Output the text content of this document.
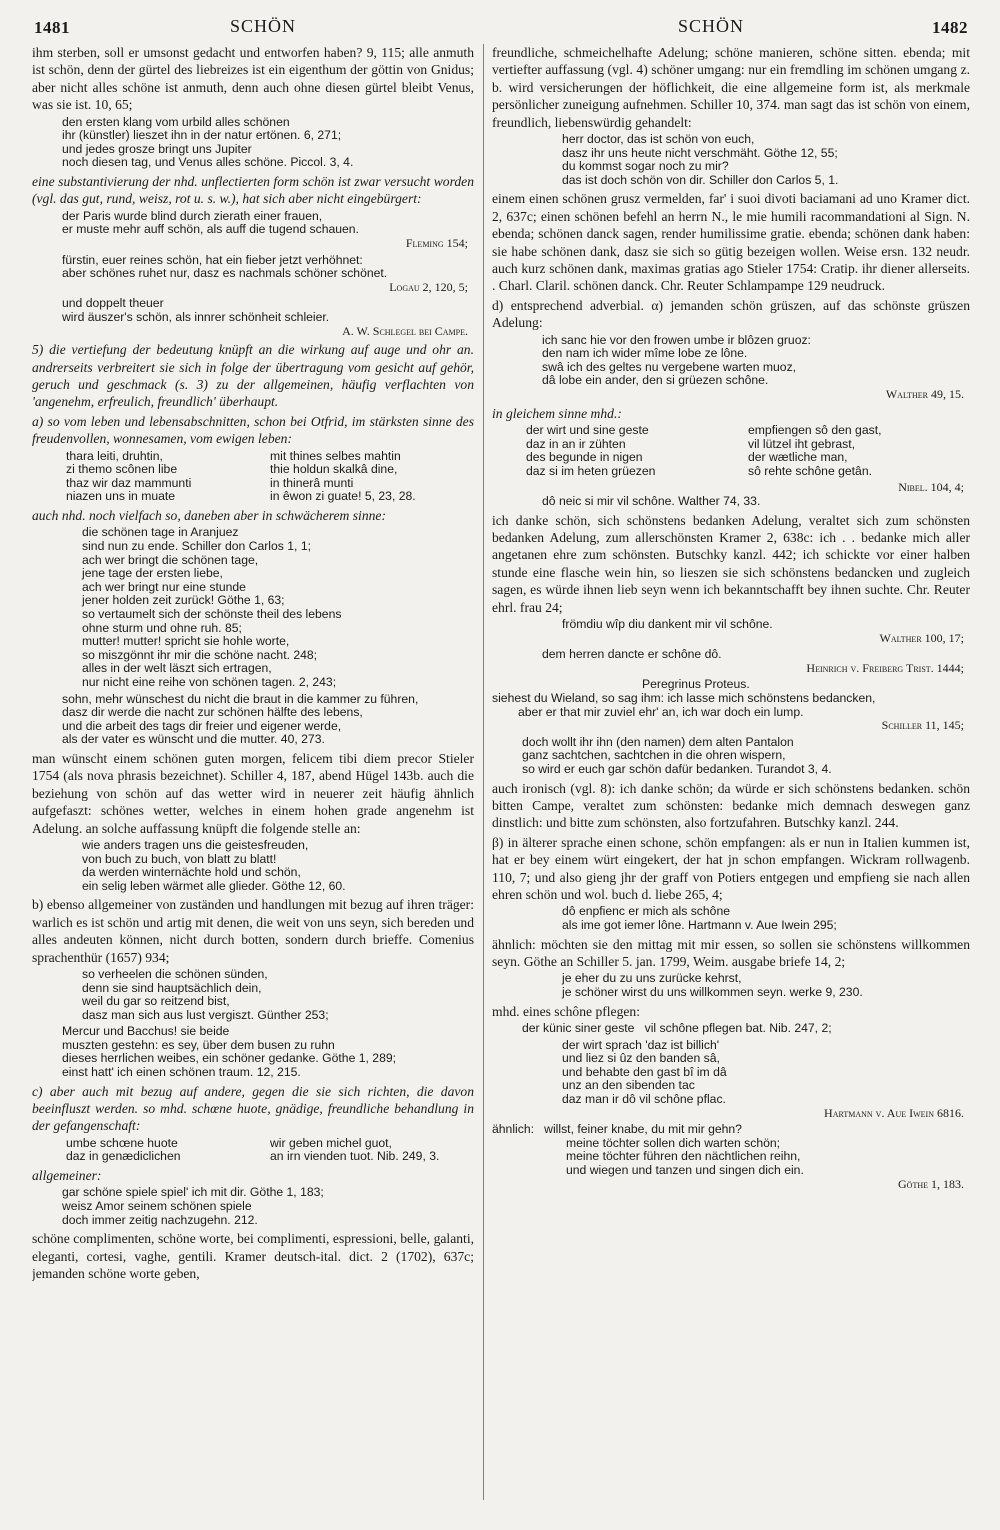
1481	SCHÖN	SCHÖN	1482

ihm sterben, soll er umsonst gedacht und entworfen haben? 9, 115; alle anmuth ist schön, denn der gürtel des liebreizes ist ein eigenthum der göttin von Gnidus; aber nicht alles schöne ist anmuth, denn auch ohne diesen gürtel bleibt Venus, was sie ist. 10, 65;

den ersten klang vom urbild alles schönen
ihr (künstler) lieszet ihn in der natur ertönen. 6, 271;
und jedes grosze bringt uns Jupiter
noch diesen tag, und Venus alles schöne. Piccol. 3, 4.

eine substantivierung der nhd. unflectierten form schön ist zwar versucht worden (vgl. das gut, rund, weisz, rot u. s. w.), hat sich aber nicht eingebürgert:

der Paris wurde blind durch zierath einer frauen,
er muste mehr auff schön, als auff die tugend schauen.
Fleming 154;
fürstin, euer reines schön, hat ein fieber jetzt verhöhnet:
aber schönes ruhet nur, dasz es nachmals schöner schönet.
Logau 2, 120, 5;
und doppelt theuer
wird äuszer's schön, als innrer schönheit schleier.
A. W. Schlegel bei Campe.

5) die vertiefung der bedeutung knüpft an die wirkung auf auge und ohr an. andrerseits verbreitert sie sich in folge der übertragung vom gesicht auf gehör, geruch und geschmack (s. 3) zu der allgemeinen, häufig verflachten von 'angenehm, erfreulich, freundlich' überhaupt.

a) so vom leben und lebensabschnitten, schon bei Otfrid, im stärksten sinne des freudenvollen, wonnesamen, vom ewigen leben:

thara leiti, druhtin,	mit thines selbes mahtin
zi themo scônen libe	thie holdun skalkâ dine,
thaz wir daz mammunti	in thinerâ munti
niazen uns in muate	in êwon zi guate! 5, 23, 28.

auch nhd. noch vielfach so, daneben aber in schwächerem sinne:

die schönen tage in Aranjuez
sind nun zu ende. Schiller don Carlos 1, 1;
ach wer bringt die schönen tage,
jene tage der ersten liebe,
ach wer bringt nur eine stunde
jener holden zeit zurück! Göthe 1, 63;
so vertaumelt sich der schönste theil des lebens
ohne sturm und ohne ruh. 85;
mutter! mutter! spricht sie hohle worte,
so miszgönnt ihr mir die schöne nacht. 248;
alles in der welt läszt sich ertragen,
nur nicht eine reihe von schönen tagen. 2, 243;
sohn, mehr wünschest du nicht die braut in die kammer zu führen,
dasz dir werde die nacht zur schönen hälfte des lebens,
und die arbeit des tags dir freier und eigener werde,
als der vater es wünscht und die mutter. 40, 273.

man wünscht einem schönen guten morgen, felicem tibi diem precor Stieler 1754 (als nova phrasis bezeichnet). Schiller 4, 187, abend Hügel 143b. auch die beziehung von schön auf das wetter wird in neuerer zeit häufig ähnlich aufgefaszt: schönes wetter, welches in einem hohen grade angenehm ist Adelung. an solche auffassung knüpft die folgende stelle an:

wie anders tragen uns die geistesfreuden,
von buch zu buch, von blatt zu blatt!
da werden winternächte hold und schön,
ein selig leben wärmet alle glieder. Göthe 12, 60.

b) ebenso allgemeiner von zuständen und handlungen mit bezug auf ihren träger: warlich es ist schön und artig mit denen, die weit von uns seyn, sich bereden und alles andeuten können, nicht durch botten, sondern durch brieffe. Comenius sprachenthür (1657) 934;

so verheelen die schönen sünden,
denn sie sind hauptsächlich dein,
weil du gar so reitzend bist,
dasz man sich aus lust vergiszt. Günther 253;
Mercur und Bacchus! sie beide
muszten gestehn: es sey, über dem busen zu ruhn
dieses herrlichen weibes, ein schöner gedanke. Göthe 1, 289;
einst hatt' ich einen schönen traum. 12, 215.

c) aber auch mit bezug auf andere, gegen die sie sich richten, die davon beeinfluszt werden. so mhd. schœne huote, gnädige, freundliche behandlung in der gefangenschaft:

umbe schœne huote	wir geben michel guot,
daz in genædiclichen	an irn vienden tuot. Nib. 249, 3.

allgemeiner:

gar schöne spiele spiel' ich mit dir. Göthe 1, 183;
weisz Amor seinem schönen spiele
doch immer zeitig nachzugehn. 212.

schöne complimenten, schöne worte, bei complimenti, espressioni, belle, galanti, eleganti, cortesi, vaghe, gentili. Kramer deutsch-ital. dict. 2 (1702), 637c; jemanden schöne worte geben,

freundliche, schmeichelhafte Adelung; schöne manieren, schöne sitten. ebenda; mit vertiefter auffassung (vgl. 4) schöner umgang: nur ein fremdling im schönen umgang z. b. wird versicherungen der höflichkeit, die eine allgemeine form ist, als merkmale persönlicher zuneigung aufnehmen. Schiller 10, 374. man sagt das ist schön von einem, freundlich, liebenswürdig gehandelt:

herr doctor, das ist schön von euch,
dasz ihr uns heute nicht verschmäht. Göthe 12, 55;
du kommst sogar noch zu mir?
das ist doch schön von dir. Schiller don Carlos 5, 1.

einem einen schönen grusz vermelden, far' i suoi divoti baciamani ad uno Kramer dict. 2, 637c; einen schönen befehl an herrn N., le mie humili racommandationi al Sign. N. ebenda; schönen danck sagen, render humilissime gratie. ebenda; schönen dank haben: sie habe schönen dank, dasz sie sich so gütig bezeigen wollen. Weise ersn. 132 neudr. auch kurz schönen dank, maximas gratias ago Stieler 1754: Cratip. ihr diener allerseits. . Charl. Claril. schönen danck. Chr. Reuter Schlampampe 129 neudruck.

d) entsprechend adverbial. α) jemanden schön grüszen, auf das schönste grüszen Adelung:

ich sanc hie vor den frowen umbe ir blôzen gruoz:
den nam ich wider mîme lobe ze lône.
swâ ich des geltes nu vergebene warten muoz,
dâ lobe ein ander, den si grüezen schône.
Walther 49, 15.

in gleichem sinne mhd.:

der wirt und sine geste	empfiengen sô den gast,
daz in an ir zühten	vil lützel iht gebrast,
des begunde in nigen	der wætliche man,
daz si im heten grüezen	sô rehte schône getân.
Nibel. 104, 4;
dô neic si mir vil schône. Walther 74, 33.

ich danke schön, sich schönstens bedanken Adelung, veraltet sich zum schönsten bedanken Adelung, zum allerschönsten Kramer 2, 638c: ich . . bedanke mich aller angetanen ehre zum schönsten. Butschky kanzl. 442; ich schickte vor einer halben stunde eine flasche wein hin, so lieszen sie sich schönstens bedancken und zugleich sagen, es würde ihnen lieb seyn wenn ich bekanntschafft bey ihnen suchte. Chr. Reuter ehrl. frau 24;

frömdiu wîp diu dankent mir vil schône.
Walther 100, 17;
dem herren dancte er schône dô.
Heinrich v. Freiberg Trist. 1444;
Peregrinus Proteus.
siehest du Wieland, so sag ihm: ich lasse mich schönstens bedancken,
aber er that mir zuviel ehr' an, ich war doch ein lump.
Schiller 11, 145;
doch wollt ihr ihn (den namen) dem alten Pantalon
ganz sachtchen, sachtchen in die ohren wispern,
so wird er euch gar schön dafür bedanken. Turandot 3, 4.

auch ironisch (vgl. 8): ich danke schön; da würde er sich schönstens bedanken. schön bitten Campe, veraltet zum schönsten: bedanke mich demnach deswegen ganz dinstlich: und bitte zum schönsten, also fortzufahren. Butschky kanzl. 244.

β) in älterer sprache einen schone, schön empfangen: als er nun in Italien kummen ist, hat er bey einem würt eingekert, der hat jn schon empfangen. Wickram rollwagenb. 110, 7; und also gieng jhr der graff von Potiers entgegen und empfieng sie nach allen ehren schön und wol. buch d. liebe 265, 4;

dô enpfienc er mich als schône
als ime got iemer lône. Hartmann v. Aue Iwein 295;

ähnlich: möchten sie den mittag mit mir essen, so sollen sie schönstens willkommen seyn. Göthe an Schiller 5. jan. 1799, Weim. ausgabe briefe 14, 2;

je eher du zu uns zurücke kehrst,
je schöner wirst du uns willkommen seyn. werke 9, 230.

mhd. eines schône pflegen:

der künic siner geste   vil schône pflegen bat. Nib. 247, 2;
der wirt sprach 'daz ist billich'
und liez si ûz den banden sâ,
und behabte den gast bî im dâ
unz an den sibenden tac
daz man ir dô vil schône pflac.
Hartmann v. Aue Iwein 6816.
ähnlich:   willst, feiner knabe, du mit mir gehn?
meine töchter sollen dich warten schön;
meine töchter führen den nächtlichen reihn,
und wiegen und tanzen und singen dich ein.
Göthe 1, 183.
